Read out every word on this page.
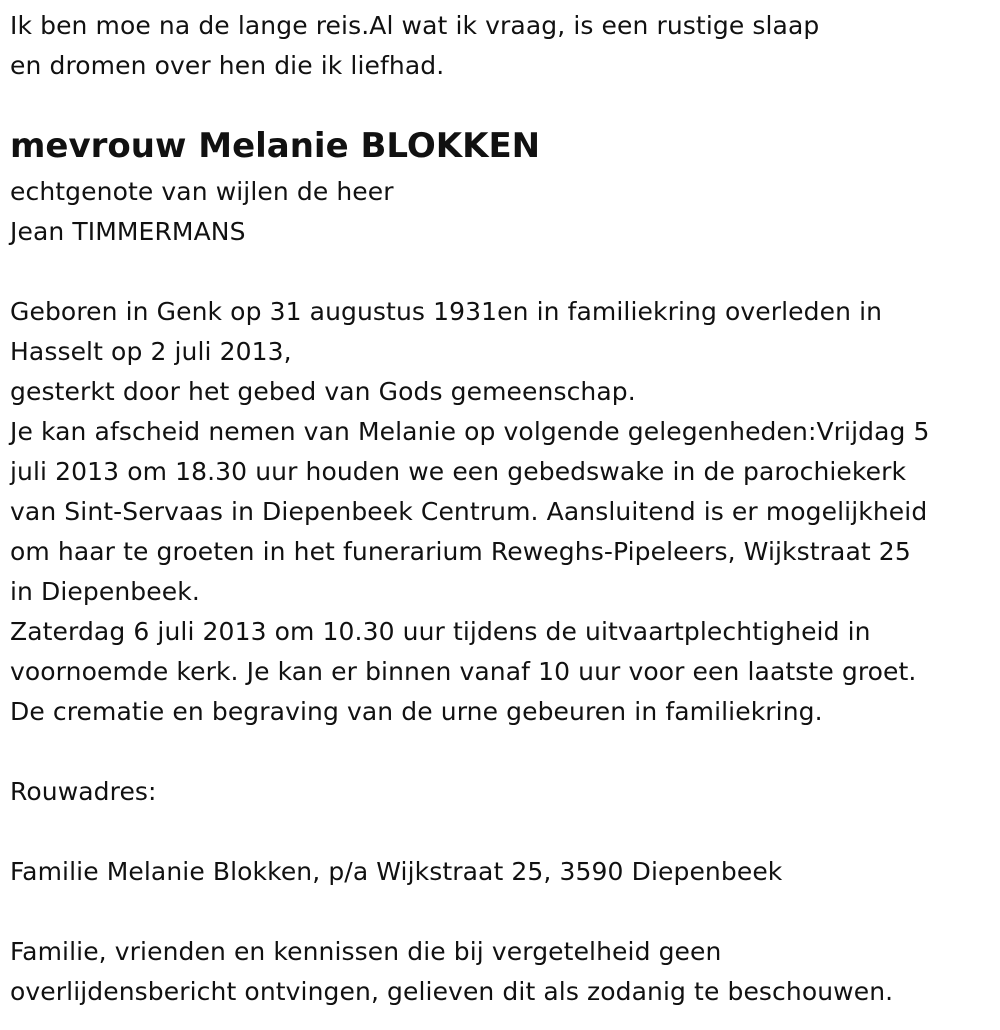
Ik ben moe na de lange reis.Al wat ik vraag, is een rustige slaap
en dromen over hen die ik liefhad.
mevrouw Melanie BLOKKEN
echtgenote van wijlen de heer
Jean TIMMERMANS
Geboren in Genk op 31 augustus 1931en in familiekring overleden in
Hasselt op 2 juli 2013,
gesterkt door het gebed van Gods gemeenschap.
Je kan afscheid nemen van Melanie op volgende gelegenheden:Vrijdag 5
juli 2013 om 18.30 uur houden we een gebedswake in de parochiekerk
van Sint-Servaas in Diepenbeek Centrum. Aansluitend is er mogelijkheid
om haar te groeten in het funerarium Reweghs-Pipeleers, Wijkstraat 25
in Diepenbeek.
Zaterdag 6 juli 2013 om 10.30 uur tijdens de uitvaartplechtigheid in
voornoemde kerk. Je kan er binnen vanaf 10 uur voor een laatste groet.
De crematie en begraving van de urne gebeuren in familiekring.
Rouwadres:
Familie Melanie Blokken, p/a Wijkstraat 25, 3590 Diepenbeek
Familie, vrienden en kennissen die bij vergetelheid geen
overlijdensbericht ontvingen, gelieven dit als zodanig te beschouwen.
